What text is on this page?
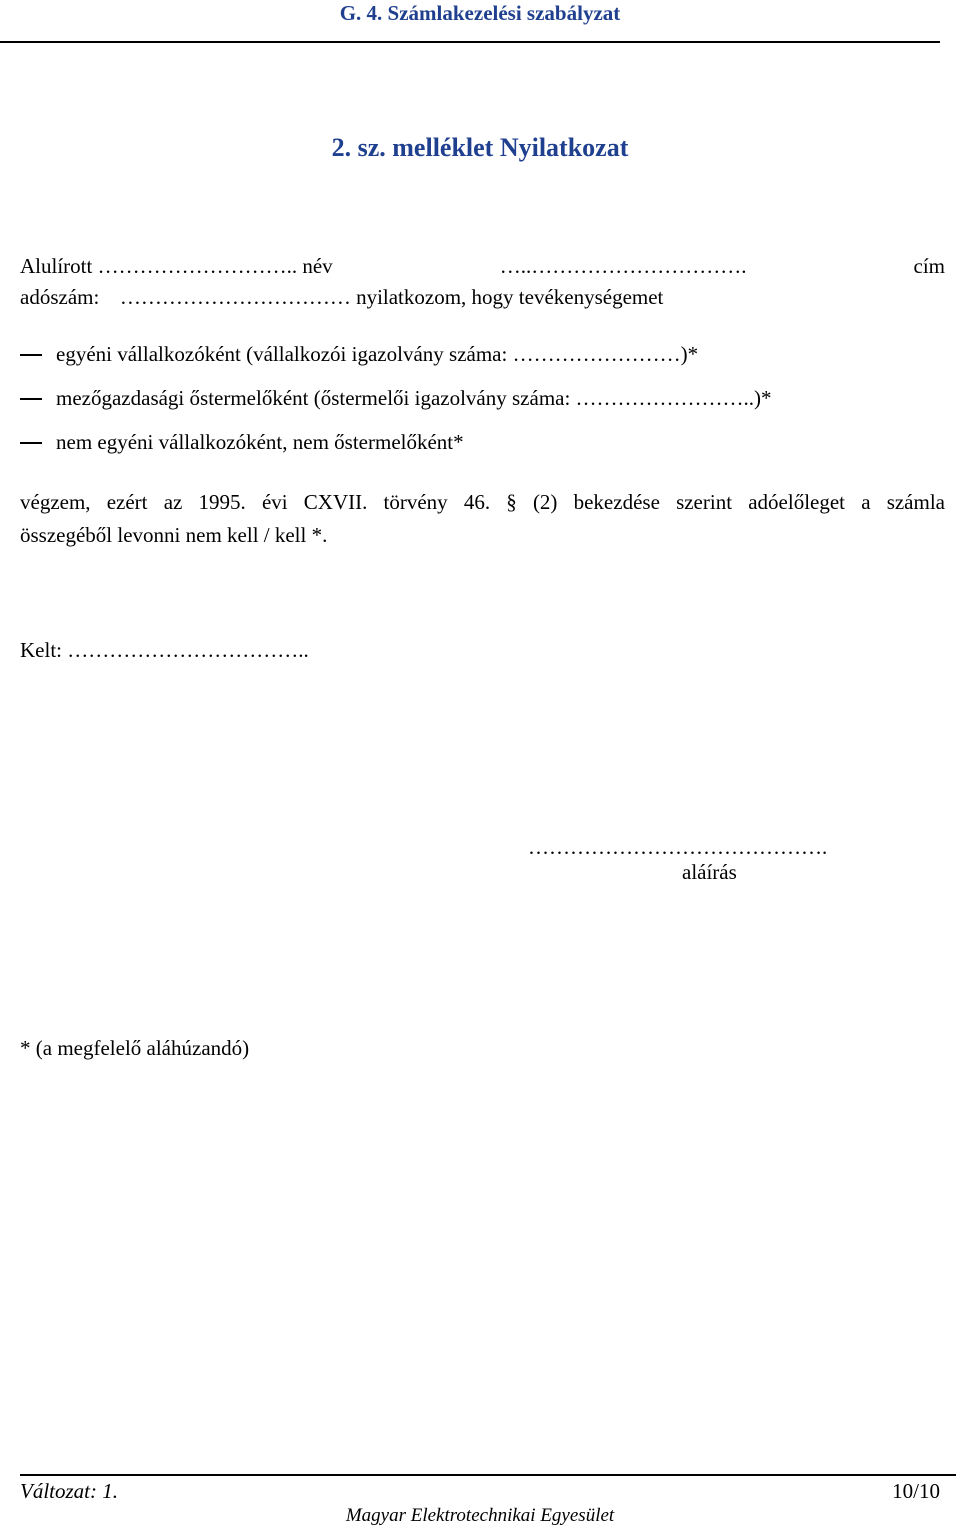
G. 4. Számlakezelési szabályzat
2. sz. melléklet Nyilatkozat
Alulírott ……………………….. név	…..………………………….	cím
adószám: …………………………… nyilatkozom, hogy tevékenységemet
egyéni vállalkozóként (vállalkozói igazolvány száma: ……………………)*
mezőgazdasági őstermelőként (őstermelői igazolvány száma: ……………………..)*
nem egyéni vállalkozóként, nem őstermelőként*
végzem, ezért az 1995. évi CXVII. törvény 46. § (2) bekezdése szerint adóelőleget a számla
összegéből levonni nem kell / kell *.
Kelt: ……………………………..
…………………………………….
aláírás
* (a megfelelő aláhúzandó)
Változat: 1.	10/10
Magyar Elektrotechnikai Egyesület
